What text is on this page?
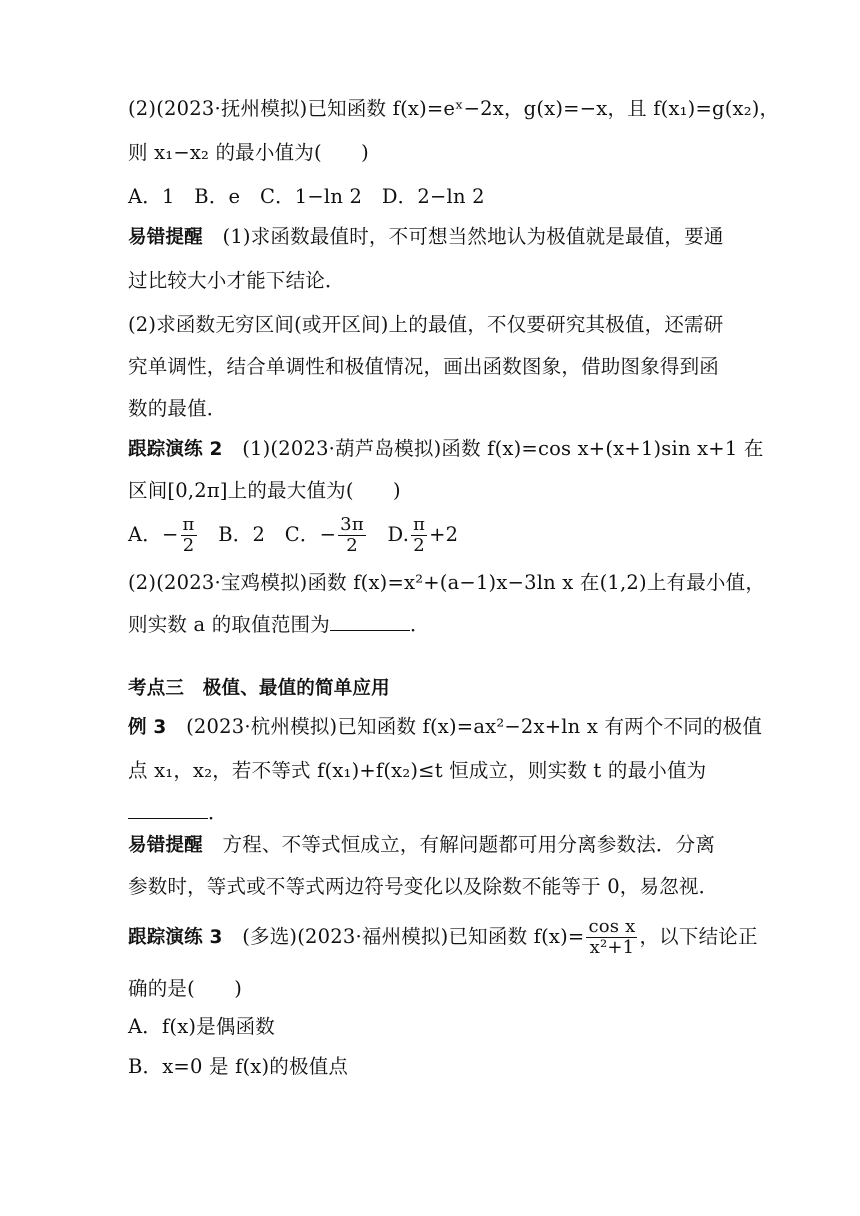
(2)(2023·抚州模拟)已知函数 f(x)=eˣ−2x，g(x)=−x，且 f(x₁)=g(x₂)，
则 x₁−x₂ 的最小值为(　　)
A．1　B．e　C．1−ln 2　D．2−ln 2
易错提醒　(1)求函数最值时，不可想当然地认为极值就是最值，要通
过比较大小才能下结论．
(2)求函数无穷区间(或开区间)上的最值，不仅要研究其极值，还需研
究单调性，结合单调性和极值情况，画出函数图象，借助图象得到函
数的最值．
跟踪演练 2　(1)(2023·葫芦岛模拟)函数 f(x)=cos x+(x+1)sin x+1 在
区间[0,2π]上的最大值为(　　)
A．− $\frac{\pi}{2}$ 　B．2　C．− $\frac{3\pi}{2}$ 　D. $\frac{\pi}{2} +2$
(2)(2023·宝鸡模拟)函数 f(x)=x²+(a−1)x−3ln x 在(1,2)上有最小值，
则实数 a 的取值范围为	．
考点三　极值、最值的简单应用
例 3　(2023·杭州模拟)已知函数 f(x)=ax²−2x+ln x 有两个不同的极值
点 x₁，x₂，若不等式 f(x₁)+f(x₂)≤t 恒成立，则实数 t 的最小值为
．
易错提醒　方程、不等式恒成立，有解问题都可用分离参数法．分离
参数时，等式或不等式两边符号变化以及除数不能等于 0，易忽视．
跟踪演练 3　(多选)(2023·福州模拟)已知函数 $f(x)= \frac{\text{cos x}}{\text{x²+1}}$ ，以下结论正
确的是(　　)
A．f(x)是偶函数
B．x=0 是 f(x)的极值点
